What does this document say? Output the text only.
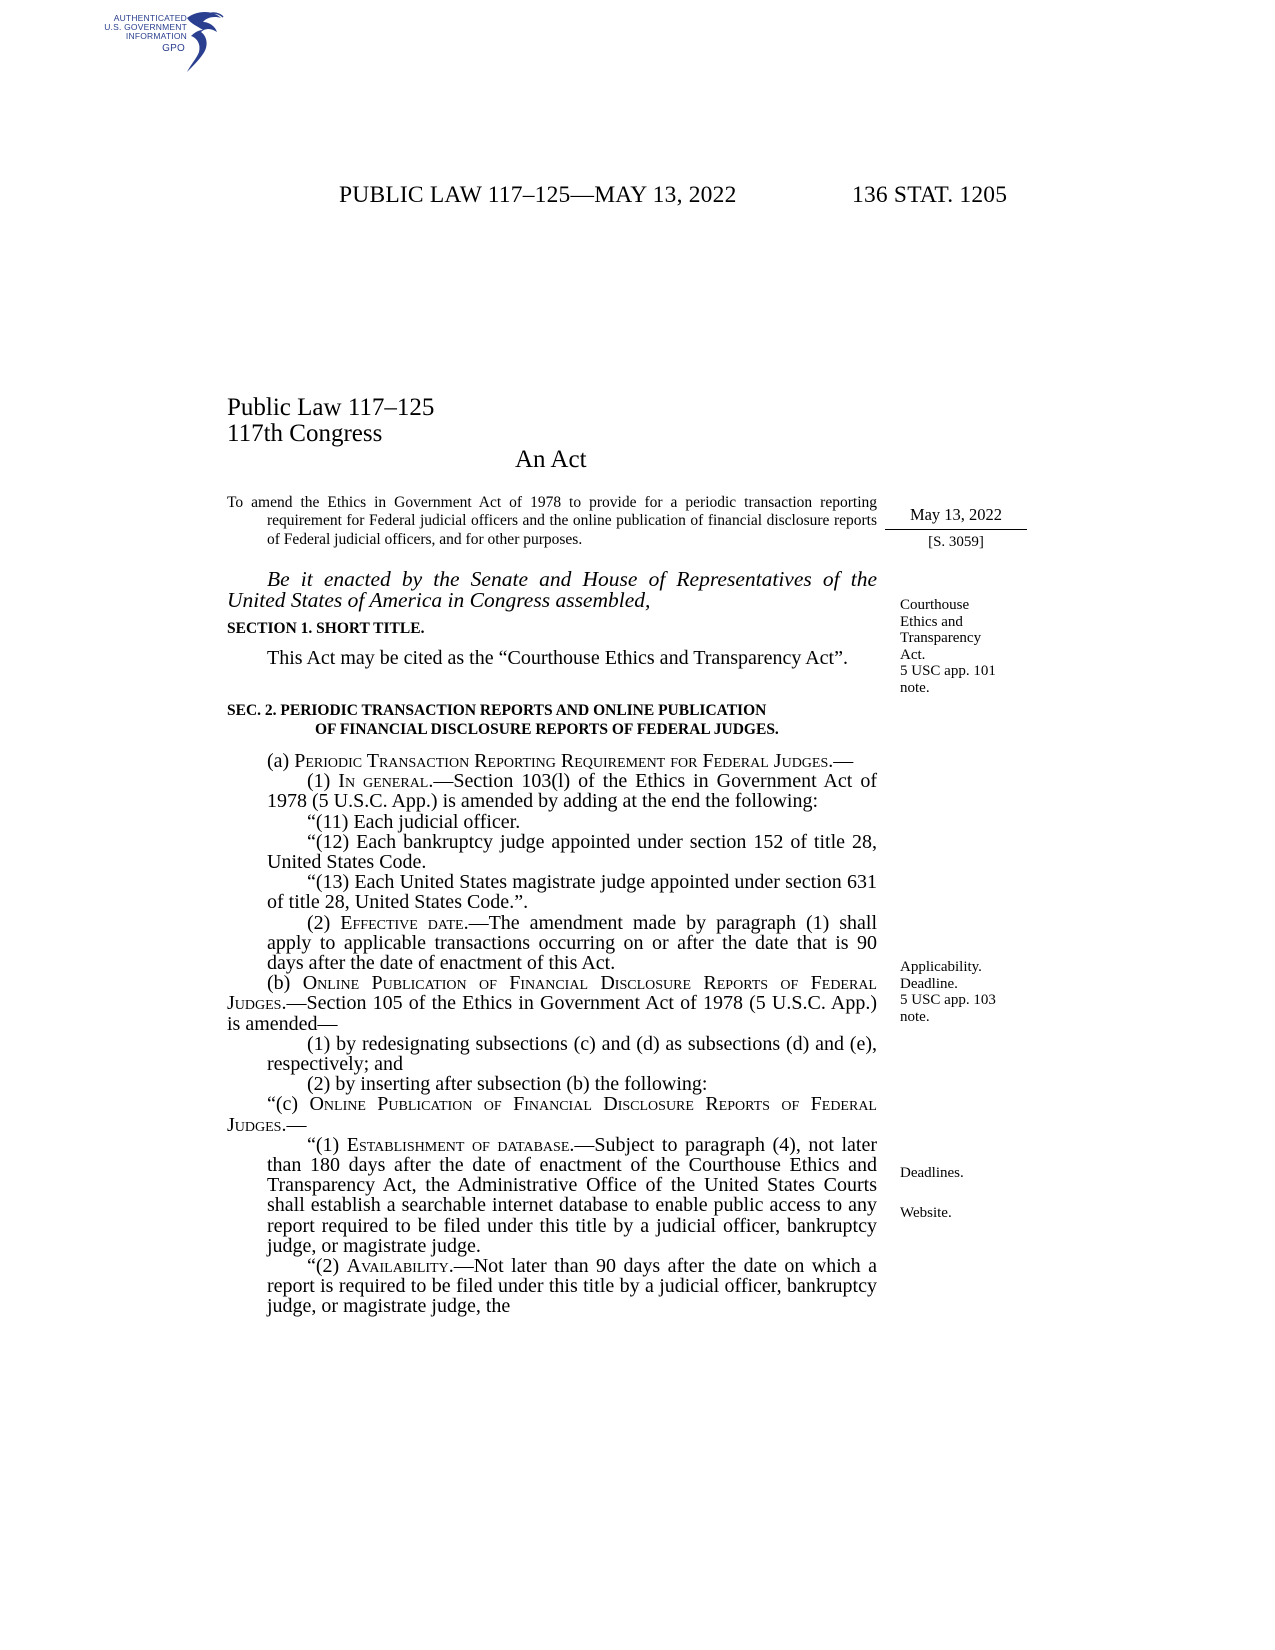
AUTHENTICATED
U.S. GOVERNMENT
INFORMATION
GPO
PUBLIC LAW 117–125—MAY 13, 2022	136 STAT. 1205
Public Law 117–125
117th Congress
An Act

To amend the Ethics in Government Act of 1978 to provide for a periodic transaction reporting requirement for Federal judicial officers and the online publication of financial disclosure reports of Federal judicial officers, and for other purposes.

May 13, 2022
[S. 3059]

Be it enacted by the Senate and House of Representatives of the United States of America in Congress assembled,

SECTION 1. SHORT TITLE.

This Act may be cited as the “Courthouse Ethics and Transparency Act”.

Courthouse
Ethics and
Transparency
Act.
5 USC app. 101
note.
SEC. 2. PERIODIC TRANSACTION REPORTS AND ONLINE PUBLICATION
OF FINANCIAL DISCLOSURE REPORTS OF FEDERAL JUDGES.

(a) Periodic Transaction Reporting Requirement for Federal Judges.—

(1) In general.—Section 103(l) of the Ethics in Government Act of 1978 (5 U.S.C. App.) is amended by adding at the end the following:

“(11) Each judicial officer.

“(12) Each bankruptcy judge appointed under section 152 of title 28, United States Code.

“(13) Each United States magistrate judge appointed under section 631 of title 28, United States Code.”.

(2) Effective date.—The amendment made by paragraph (1) shall apply to applicable transactions occurring on or after the date that is 90 days after the date of enactment of this Act.

(b) Online Publication of Financial Disclosure Reports of Federal Judges.—Section 105 of the Ethics in Government Act of 1978 (5 U.S.C. App.) is amended—

(1) by redesignating subsections (c) and (d) as subsections (d) and (e), respectively; and

(2) by inserting after subsection (b) the following:

“(c) Online Publication of Financial Disclosure Reports of Federal Judges.—

“(1) Establishment of database.—Subject to paragraph (4), not later than 180 days after the date of enactment of the Courthouse Ethics and Transparency Act, the Administrative Office of the United States Courts shall establish a searchable internet database to enable public access to any report required to be filed under this title by a judicial officer, bankruptcy judge, or magistrate judge.

“(2) Availability.—Not later than 90 days after the date on which a report is required to be filed under this title by a judicial officer, bankruptcy judge, or magistrate judge, the

Applicability.
Deadline.
5 USC app. 103
note.
Deadlines.
Website.
